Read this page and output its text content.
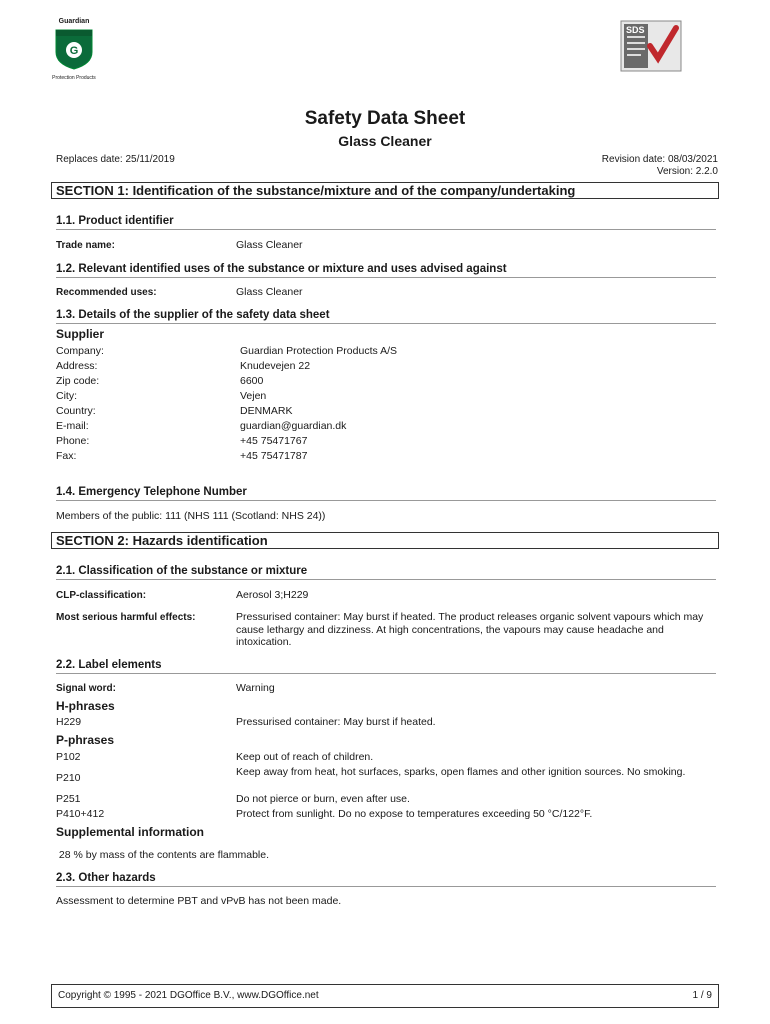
Guardian
G
Protection Products
SDS
Safety Data Sheet
Glass Cleaner
Replaces date: 25/11/2019	Revision date: 08/03/2021
Version: 2.2.0
SECTION 1: Identification of the substance/mixture and of the company/undertaking
1.1. Product identifier
Trade name:	Glass Cleaner
1.2. Relevant identified uses of the substance or mixture and uses advised against
Recommended uses:	Glass Cleaner
1.3. Details of the supplier of the safety data sheet
Supplier
Company:	Guardian Protection Products A/S
Address:	Knudevejen 22
Zip code:	6600
City:	Vejen
Country:	DENMARK
E-mail:	guardian@guardian.dk
Phone:	+45 75471767
Fax:	+45 75471787
1.4. Emergency Telephone Number
Members of the public: 111 (NHS 111 (Scotland: NHS 24))
SECTION 2: Hazards identification
2.1. Classification of the substance or mixture
CLP-classification:	Aerosol 3;H229
Most serious harmful effects:	Pressurised container: May burst if heated. The product releases organic solvent vapours which may cause lethargy and dizziness. At high concentrations, the vapours may cause headache and intoxication.
2.2. Label elements
Signal word:	Warning
H-phrases
H229	Pressurised container: May burst if heated.
P-phrases
P102	Keep out of reach of children.
P210	Keep away from heat, hot surfaces, sparks, open flames and other ignition sources. No smoking.
P251	Do not pierce or burn, even after use.
P410+412	Protect from sunlight. Do no expose to temperatures exceeding 50 °C/122°F.
Supplemental information
28 % by mass of the contents are flammable.
2.3. Other hazards
Assessment to determine PBT and vPvB has not been made.
Copyright © 1995 - 2021 DGOffice B.V., www.DGOffice.net	1 / 9
